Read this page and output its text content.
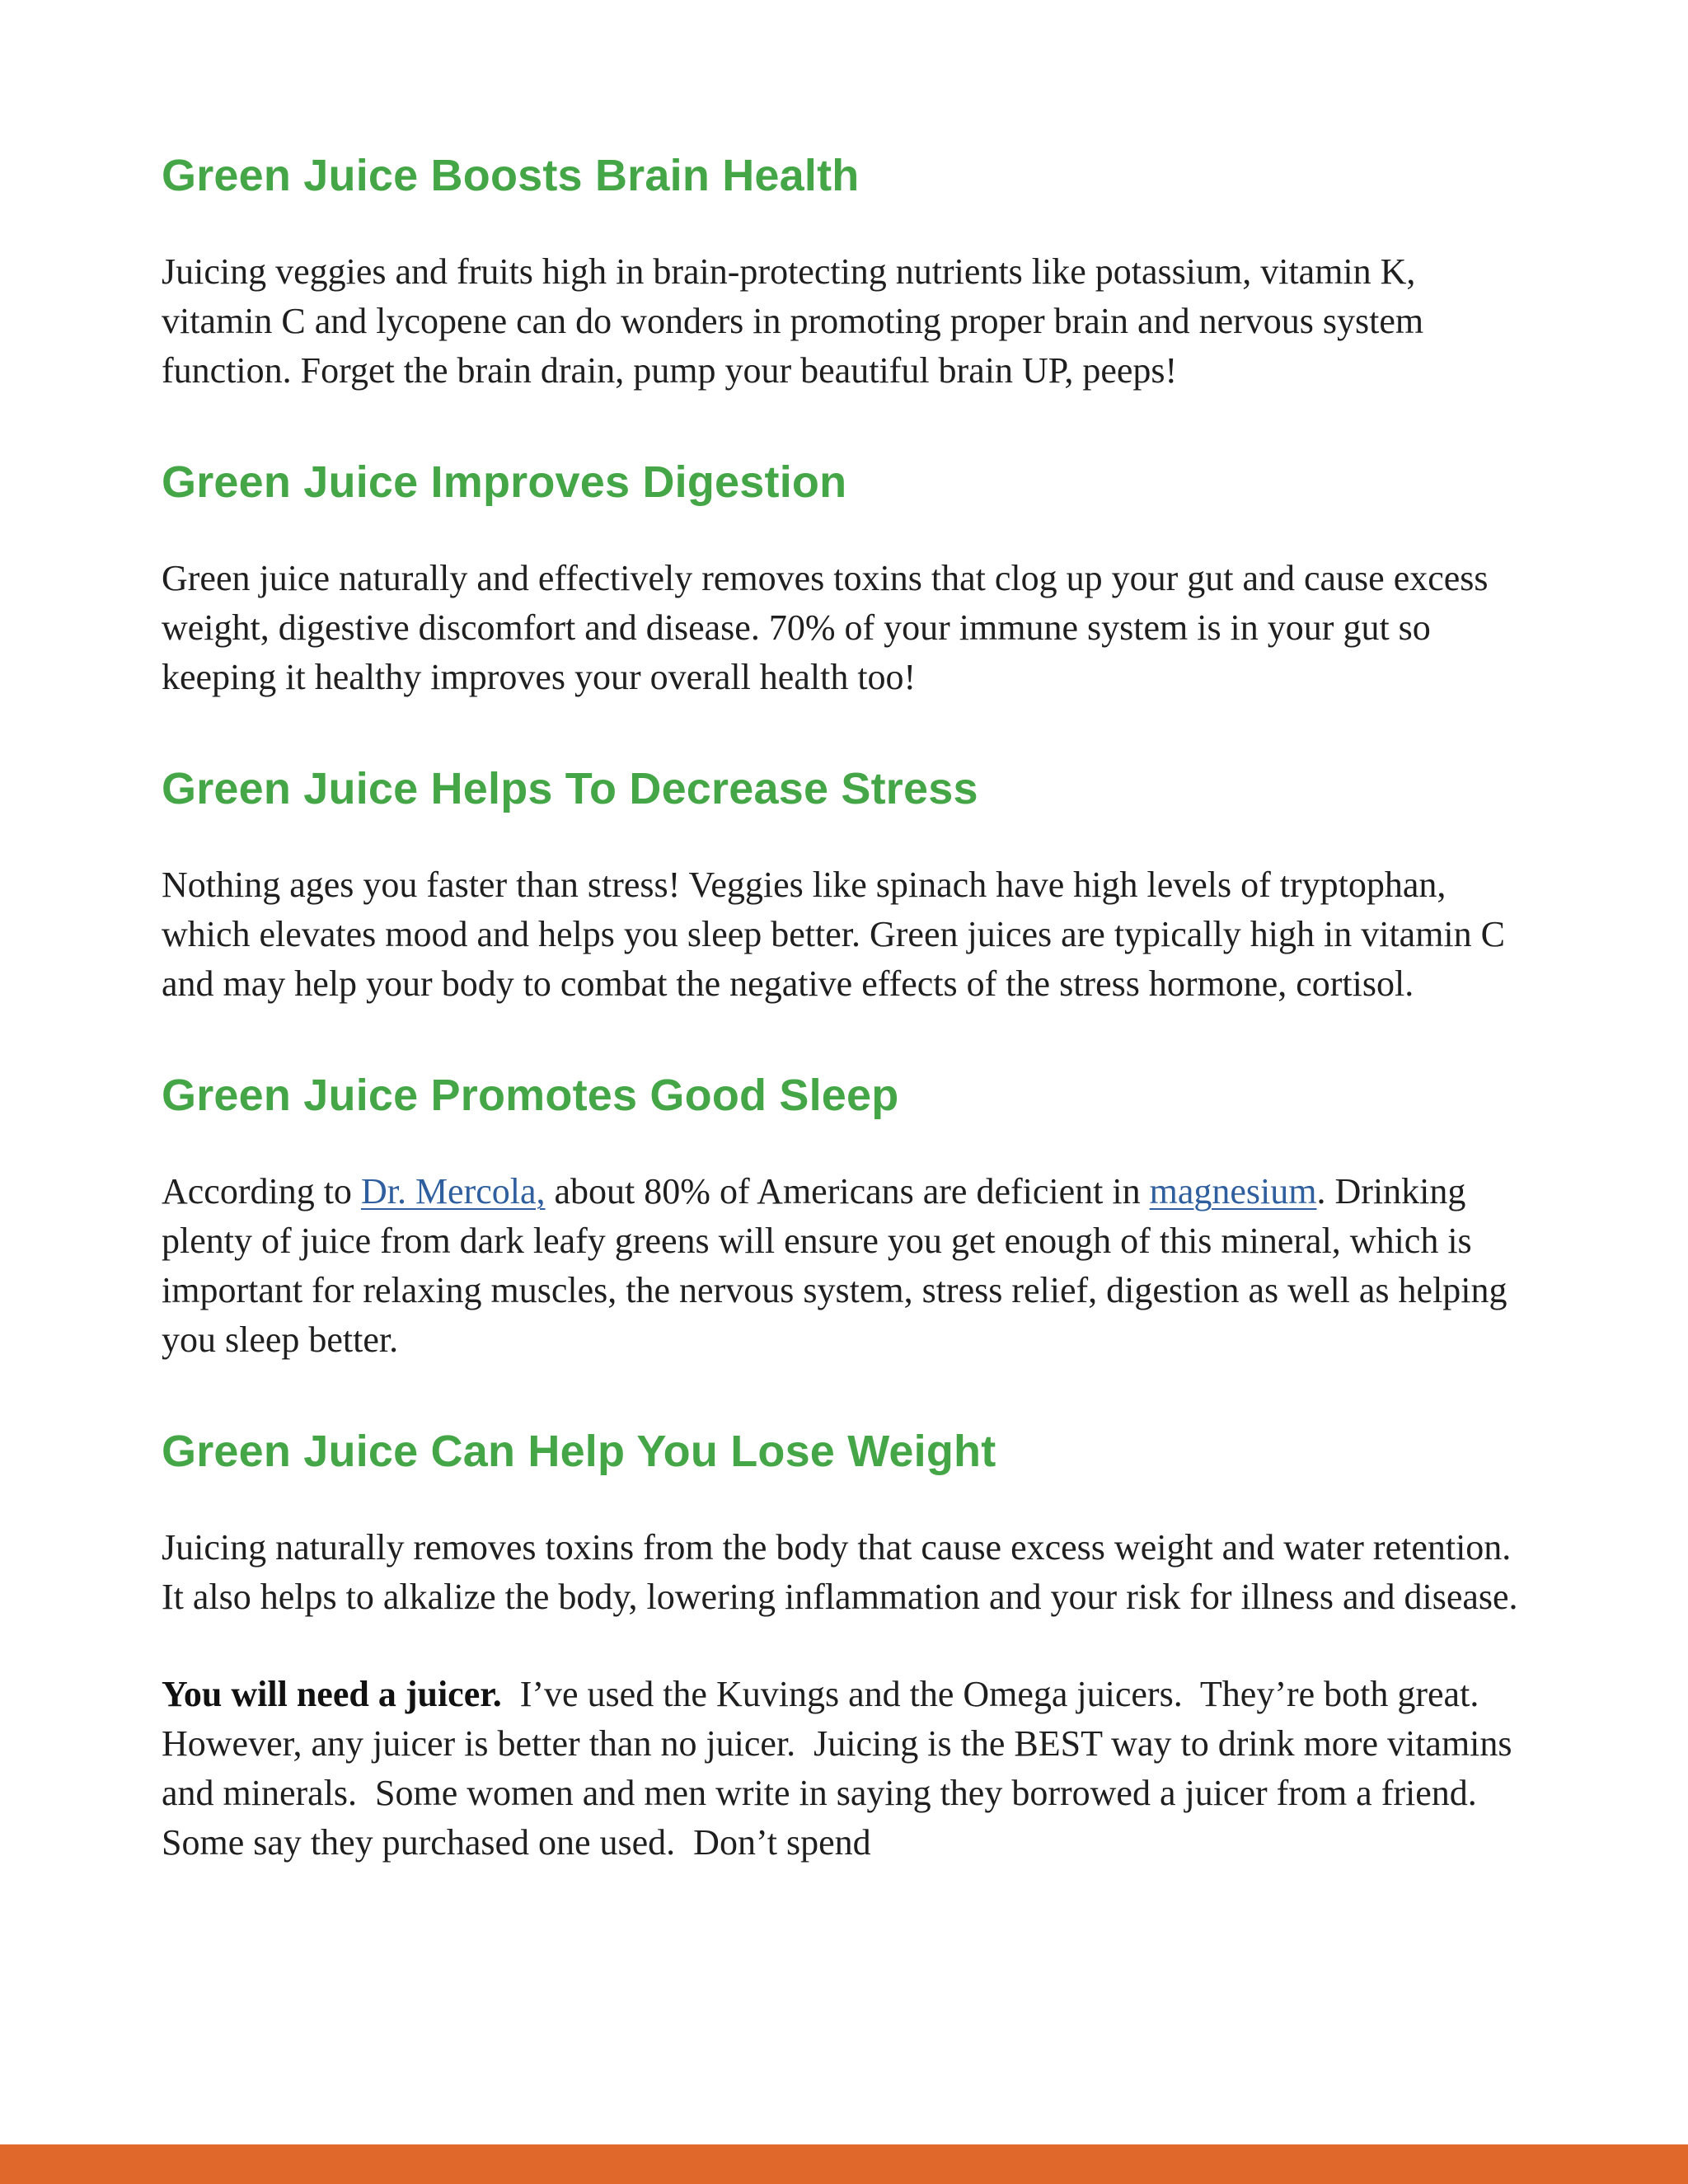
Green Juice Boosts Brain Health

Juicing veggies and fruits high in brain-protecting nutrients like potassium, vitamin K, vitamin C and lycopene can do wonders in promoting proper brain and nervous system function. Forget the brain drain, pump your beautiful brain UP, peeps!

Green Juice Improves Digestion

Green juice naturally and effectively removes toxins that clog up your gut and cause excess weight, digestive discomfort and disease. 70% of your immune system is in your gut so keeping it healthy improves your overall health too!

Green Juice Helps To Decrease Stress

Nothing ages you faster than stress! Veggies like spinach have high levels of tryptophan, which elevates mood and helps you sleep better. Green juices are typically high in vitamin C and may help your body to combat the negative effects of the stress hormone, cortisol.

Green Juice Promotes Good Sleep

According to Dr. Mercola, about 80% of Americans are deficient in magnesium. Drinking plenty of juice from dark leafy greens will ensure you get enough of this mineral, which is important for relaxing muscles, the nervous system, stress relief, digestion as well as helping you sleep better.

Green Juice Can Help You Lose Weight

Juicing naturally removes toxins from the body that cause excess weight and water retention. It also helps to alkalize the body, lowering inflammation and your risk for illness and disease.

You will need a juicer.  I’ve used the Kuvings and the Omega juicers.  They’re both great.  However, any juicer is better than no juicer.  Juicing is the BEST way to drink more vitamins and minerals.  Some women and men write in saying they borrowed a juicer from a friend.  Some say they purchased one used.  Don’t spend
